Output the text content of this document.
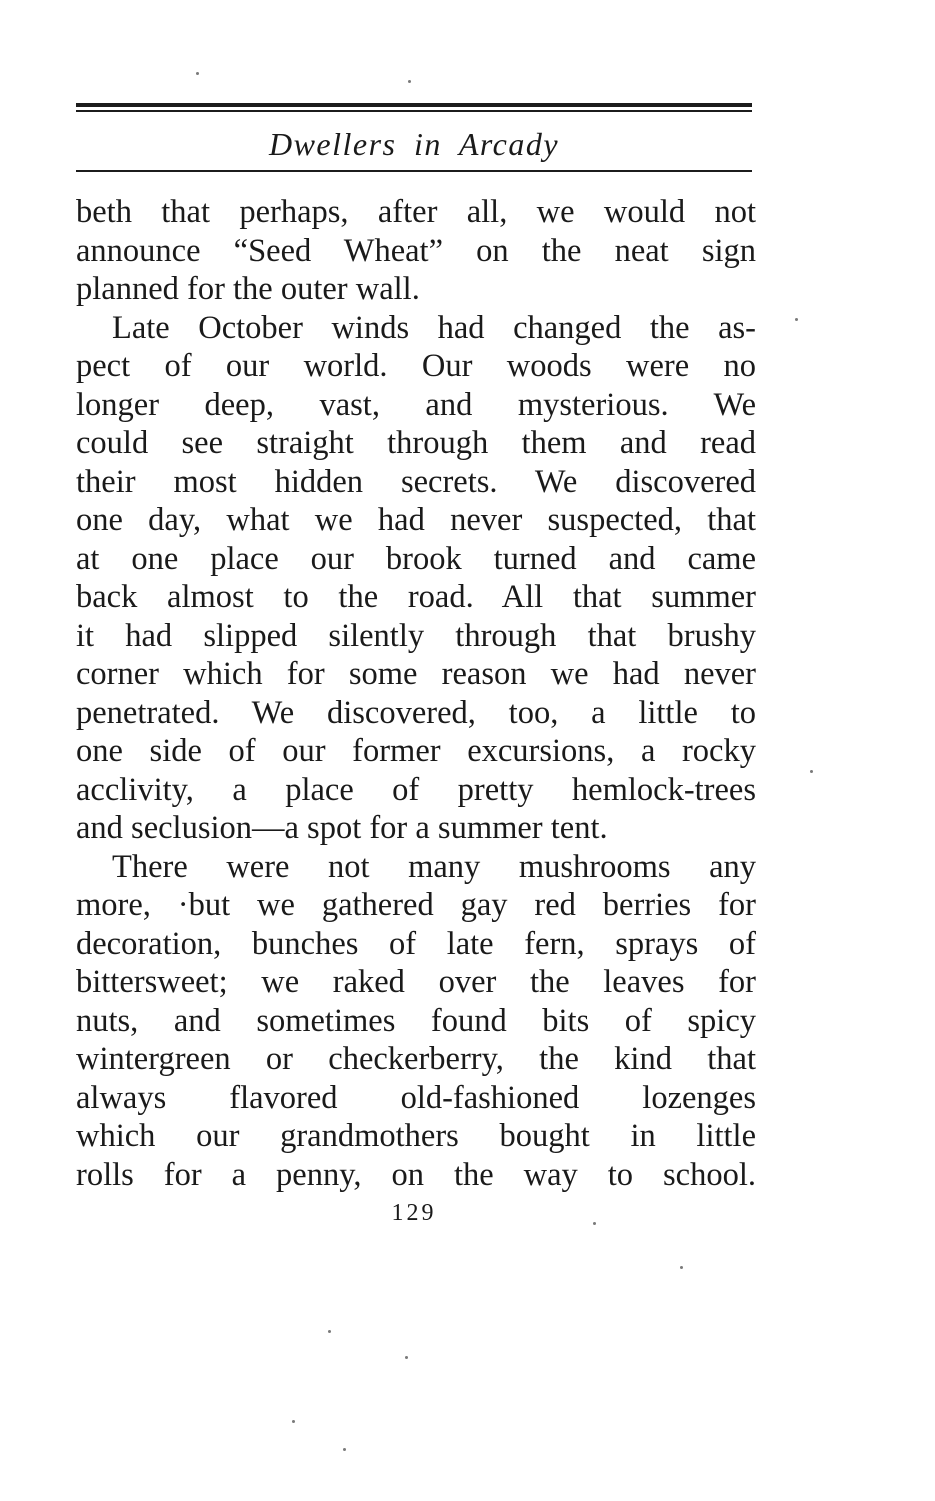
Dwellers in Arcady

beth that perhaps, after all, we would not
announce “Seed Wheat” on the neat sign
planned for the outer wall.

Late October winds had changed the as-
pect of our world. Our woods were no
longer deep, vast, and mysterious. We
could see straight through them and read
their most hidden secrets. We discovered
one day, what we had never suspected, that
at one place our brook turned and came
back almost to the road. All that summer
it had slipped silently through that brushy
corner which for some reason we had never
penetrated. We discovered, too, a little to
one side of our former excursions, a rocky
acclivity, a place of pretty hemlock-trees
and seclusion—a spot for a summer tent.

There were not many mushrooms any
more, ·but we gathered gay red berries for
decoration, bunches of late fern, sprays of
bittersweet; we raked over the leaves for
nuts, and sometimes found bits of spicy
wintergreen or checkerberry, the kind that
always flavored old-fashioned lozenges
which our grandmothers bought in little
rolls for a penny, on the way to school.

129
